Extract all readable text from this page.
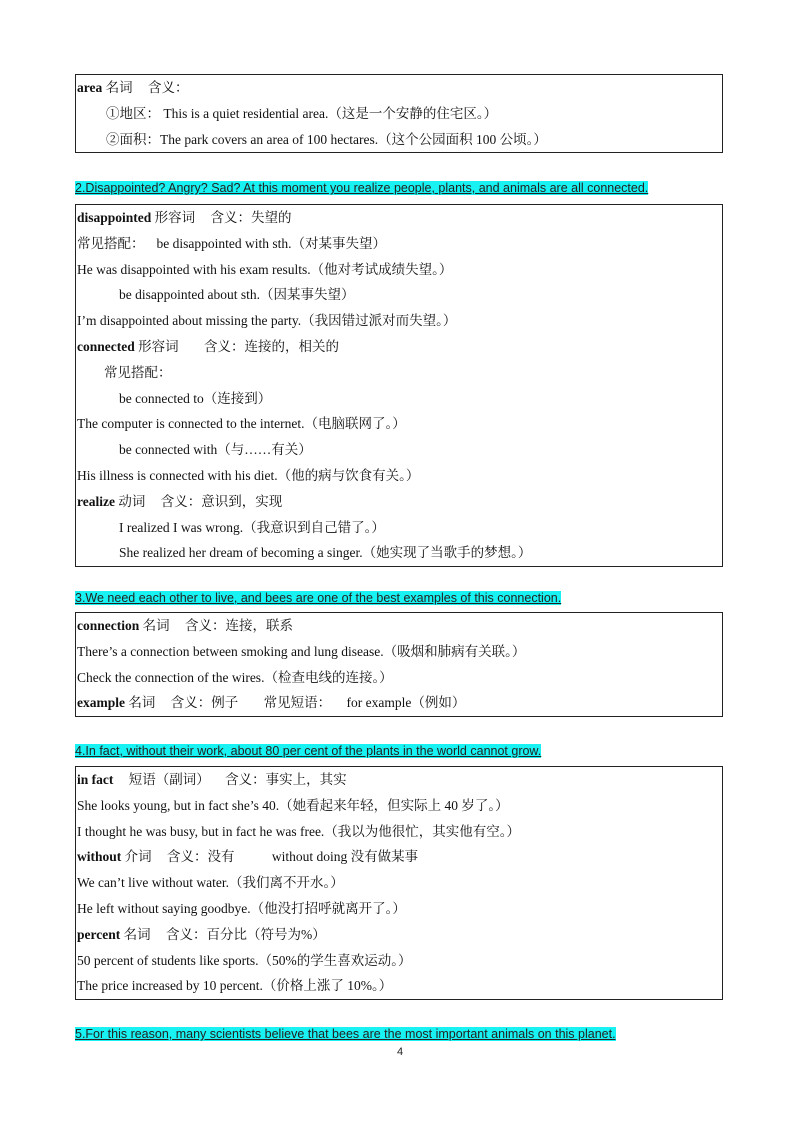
area 名词 含义：
①地区： This is a quiet residential area.（这是一个安静的住宅区。）
②面积：The park covers an area of 100 hectares.（这个公园面积 100 公顷。）
2.Disappointed? Angry? Sad? At this moment you realize people, plants, and animals are all connected.
disappointed 形容词 含义：失望的
常见搭配： be disappointed with sth.（对某事失望）
He was disappointed with his exam results.（他对考试成绩失望。）
be disappointed about sth.（因某事失望）
I’m disappointed about missing the party.（我因错过派对而失望。）
connected 形容词 含义：连接的，相关的
常见搭配：
be connected to（连接到）
The computer is connected to the internet.（电脑联网了。）
be connected with（与……有关）
His illness is connected with his diet.（他的病与饮食有关。）
realize 动词 含义：意识到，实现
I realized I was wrong.（我意识到自己错了。）
She realized her dream of becoming a singer.（她实现了当歌手的梦想。）
3.We need each other to live, and bees are one of the best examples of this connection.
connection 名词 含义：连接，联系
There’s a connection between smoking and lung disease.（吸烟和肺病有关联。）
Check the connection of the wires.（检查电线的连接。）
example 名词 含义：例子 常见短语： for example（例如）
4.In fact, without their work, about 80 per cent of the plants in the world cannot grow.
in fact 短语（副词） 含义：事实上，其实
She looks young, but in fact she’s 40.（她看起来年轻，但实际上 40 岁了。）
I thought he was busy, but in fact he was free.（我以为他很忙，其实他有空。）
without 介词 含义：没有	without doing 没有做某事
We can’t live without water.（我们离不开水。）
He left without saying goodbye.（他没打招呼就离开了。）
percent 名词 含义：百分比（符号为%）
50 percent of students like sports.（50%的学生喜欢运动。）
The price increased by 10 percent.（价格上涨了 10%。）
5.For this reason, many scientists believe that bees are the most important animals on this planet.
4
